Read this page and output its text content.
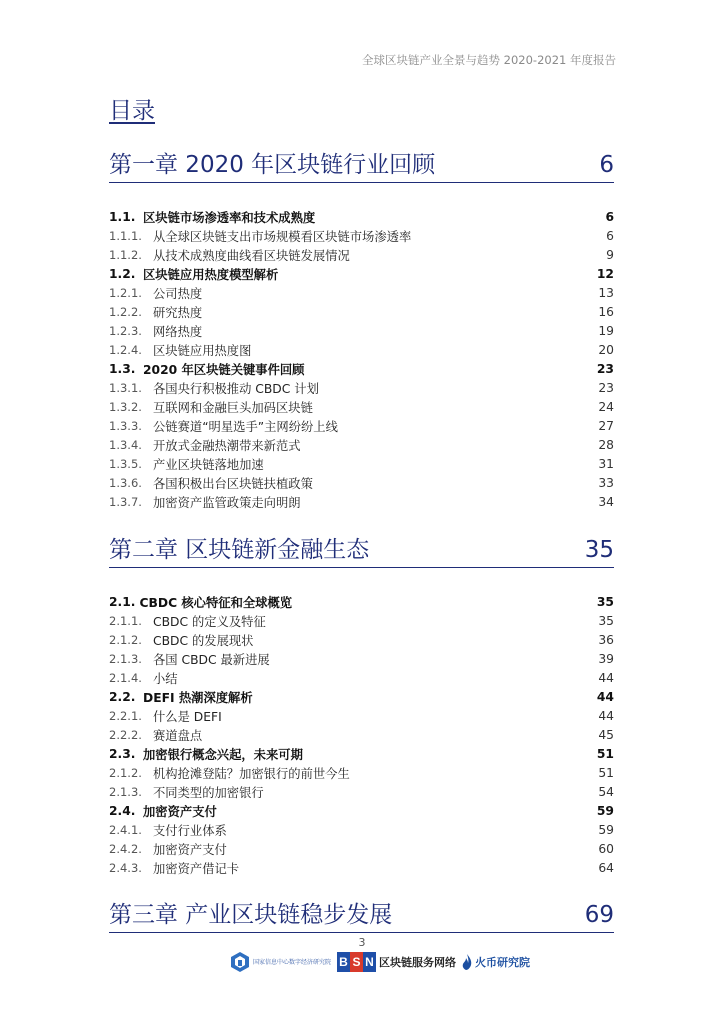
全球区块链产业全景与趋势 2020-2021 年度报告
目录
第一章 2020 年区块链行业回顾	6
1.1. 区块链市场渗透率和技术成熟度	6
1.1.1. 从全球区块链支出市场规模看区块链市场渗透率	6
1.1.2. 从技术成熟度曲线看区块链发展情况	9
1.2. 区块链应用热度模型解析	12
1.2.1. 公司热度	13
1.2.2. 研究热度	16
1.2.3. 网络热度	19
1.2.4. 区块链应用热度图	20
1.3. 2020 年区块链关键事件回顾	23
1.3.1. 各国央行积极推动 CBDC 计划	23
1.3.2. 互联网和金融巨头加码区块链	24
1.3.3. 公链赛道“明星选手”主网纷纷上线	27
1.3.4. 开放式金融热潮带来新范式	28
1.3.5. 产业区块链落地加速	31
1.3.6. 各国积极出台区块链扶植政策	33
1.3.7. 加密资产监管政策走向明朗	34
第二章 区块链新金融生态	35
2.1. CBDC 核心特征和全球概览	35
2.1.1. CBDC 的定义及特征	35
2.1.2. CBDC 的发展现状	36
2.1.3. 各国 CBDC 最新进展	39
2.1.4. 小结	44
2.2. DEFI 热潮深度解析	44
2.2.1. 什么是 DEFI	44
2.2.2. 赛道盘点	45
2.3. 加密银行概念兴起，未来可期	51
2.1.2. 机构抢滩登陆？加密银行的前世今生	51
2.1.3. 不同类型的加密银行	54
2.4. 加密资产支付	59
2.4.1. 支付行业体系	59
2.4.2. 加密资产支付	60
2.4.3. 加密资产借记卡	64
第三章 产业区块链稳步发展	69
3
国家信息中心数字经济研究院 B S N 区块链服务网络 火币研究院
